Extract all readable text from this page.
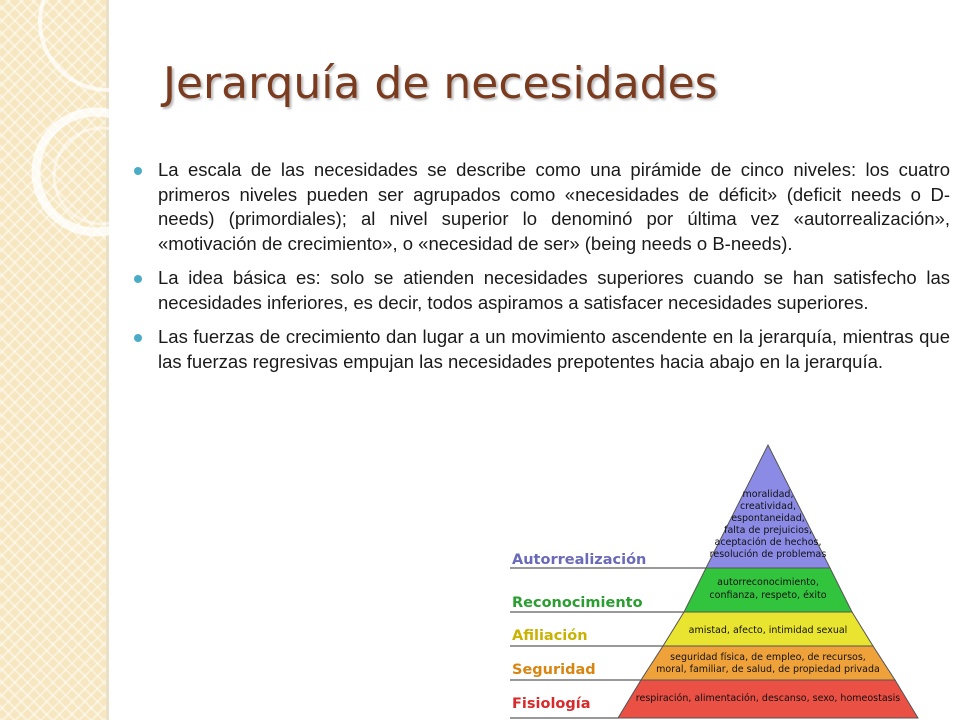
Jerarquía de necesidades
La escala de las necesidades se describe como una pirámide de cinco niveles: los cuatro primeros niveles pueden ser agrupados como «necesidades de déficit» (deficit needs o D-needs) (primordiales); al nivel superior lo denominó por última vez «autorrealización», «motivación de crecimiento», o «necesidad de ser» (being needs o B-needs).
La idea básica es: solo se atienden necesidades superiores cuando se han satisfecho las necesidades inferiores, es decir, todos aspiramos a satisfacer necesidades superiores.
Las fuerzas de crecimiento dan lugar a un movimiento ascendente en la jerarquía, mientras que las fuerzas regresivas empujan las necesidades prepotentes hacia abajo en la jerarquía.
Autorrealización
moralidad,
creatividad,
espontaneidad,
falta de prejuicios,
aceptación de hechos,
resolución de problemas
Reconocimiento
autorreconocimiento,
confianza, respeto, éxito
Afiliación	amistad, afecto, intimidad sexual
Seguridad
seguridad física, de empleo, de recursos,
moral, familiar, de salud, de propiedad privada
Fisiología	respiración, alimentación, descanso, sexo, homeostasis
